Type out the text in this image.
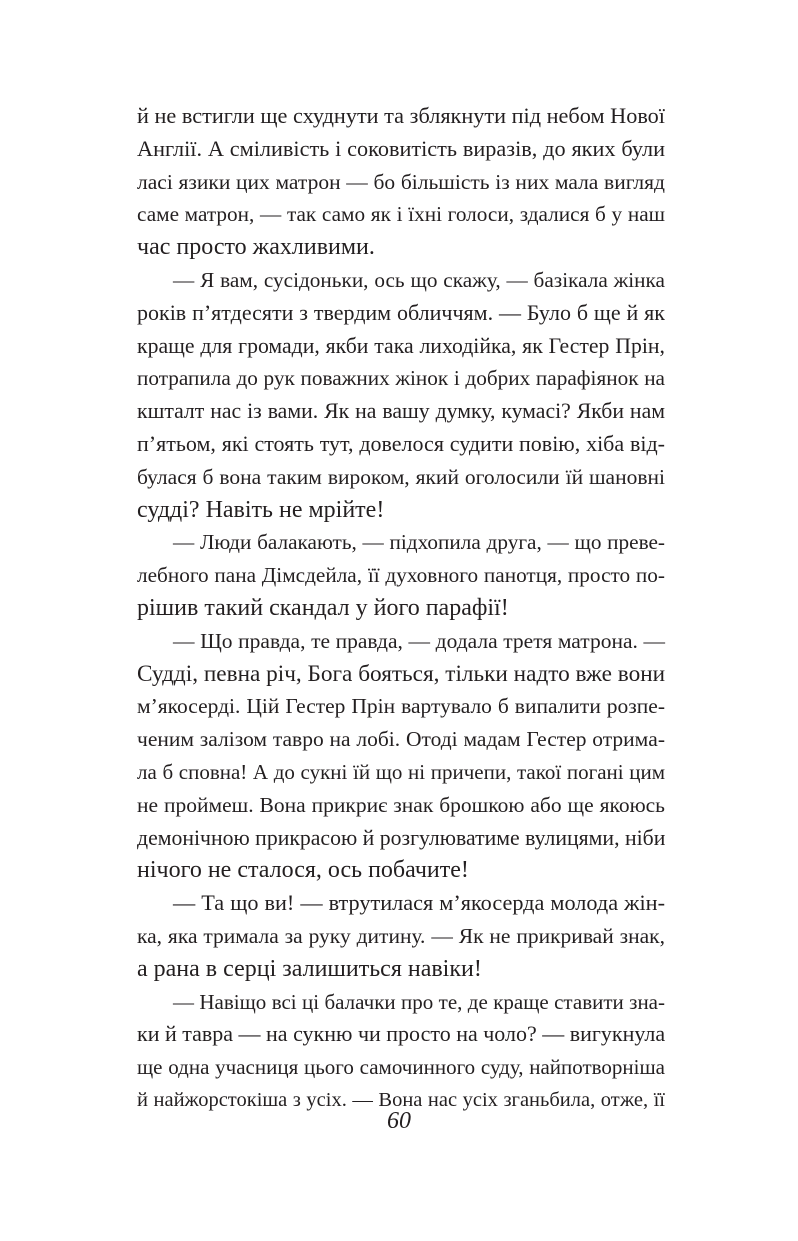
й не встигли ще схуднути та зблякнути під небом Нової
Англії. А сміливість і соковитість виразів, до яких були
ласі язики цих матрон — бо більшість із них мала вигляд
саме матрон, — так само як і їхні голоси, здалися б у наш
час просто жахливими.
— Я вам, сусідоньки, ось що скажу, — базікала жінка
років п’ятдесяти з твердим обличчям. — Було б ще й як
краще для громади, якби така лиходійка, як Гестер Прін,
потрапила до рук поважних жінок і добрих парафіянок на
кшталт нас із вами. Як на вашу думку, кумасі? Якби нам
п’ятьом, які стоять тут, довелося судити повію, хіба від-
булася б вона таким вироком, який оголосили їй шановні
судді? Навіть не мрійте!
— Люди балакають, — підхопила друга, — що преве-
лебного пана Дімсдейла, її духовного панотця, просто по-
рішив такий скандал у його парафії!
— Що правда, те правда, — додала третя матрона. —
Судді, певна річ, Бога бояться, тільки надто вже вони
м’якосерді. Цій Гестер Прін вартувало б випалити розпе-
ченим залізом тавро на лобі. Отоді мадам Гестер отримa-
ла б сповна! А до сукні їй що ні причепи, такої погані цим
не проймеш. Вона прикриє знак брошкою або ще якоюсь
демонічною прикрасою й розгулюватиме вулицями, ніби
нічого не сталося, ось побачите!
— Та що ви! — втрутилася м’якосерда молода жін-
ка, яка тримала за руку дитину. — Як не прикривай знак,
а рана в серці залишиться навіки!
— Навіщо всі ці балачки про те, де краще ставити зна-
ки й тавра — на сукню чи просто на чоло? — вигукнула
ще одна учасниця цього самочинного суду, найпотворніша
й найжорстокіша з усіх. — Вона нас усіх зганьбила, отже, її
60
